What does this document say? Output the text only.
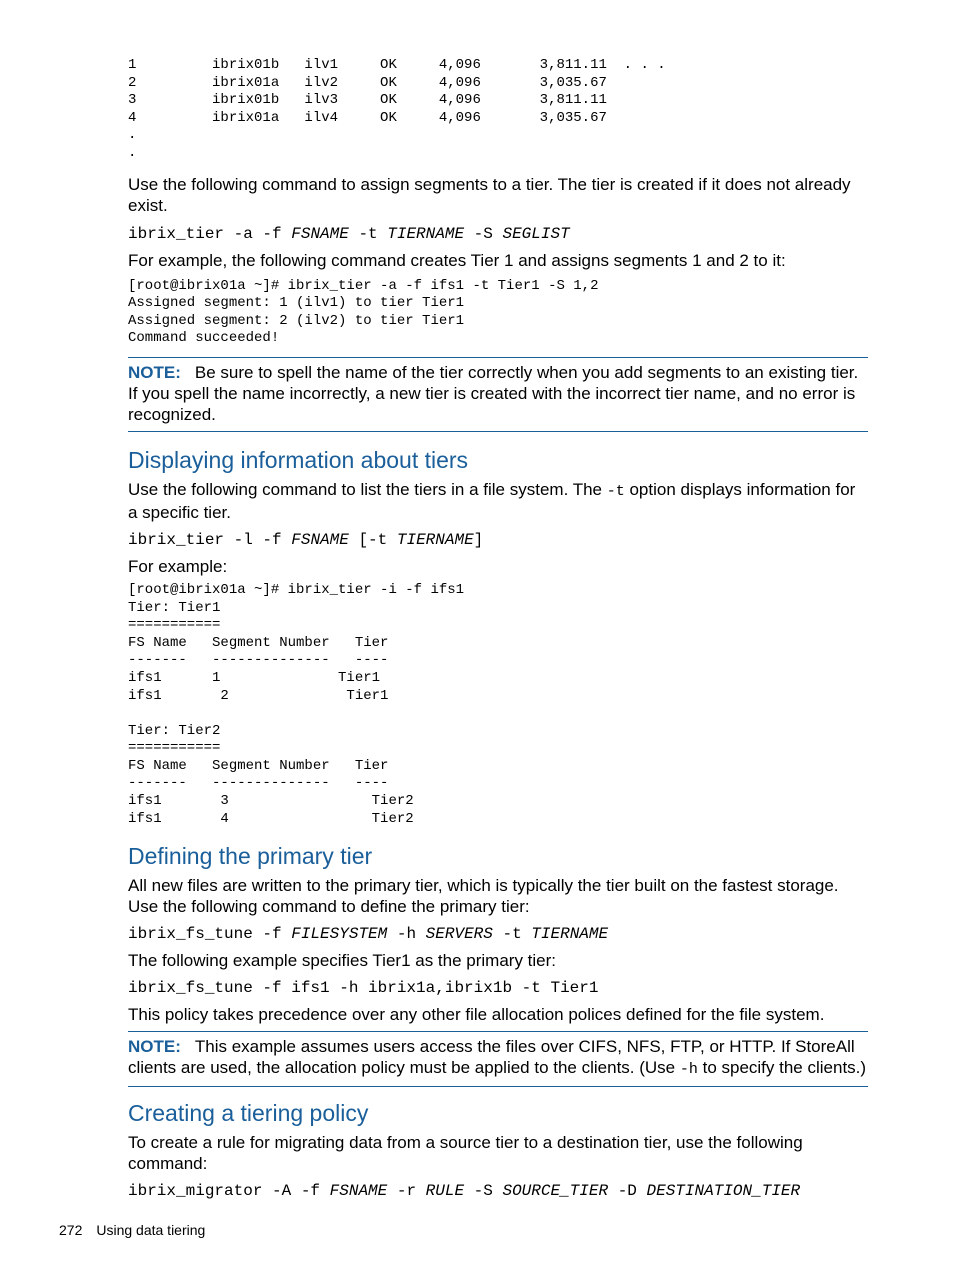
1         ibrix01b   ilv1     OK     4,096       3,811.11  . . .
2         ibrix01a   ilv2     OK     4,096       3,035.67
3         ibrix01b   ilv3     OK     4,096       3,811.11
4         ibrix01a   ilv4     OK     4,096       3,035.67
.
.

Use the following command to assign segments to a tier. The tier is created if it does not already exist.

ibrix_tier -a -f FSNAME -t TIERNAME -S SEGLIST

For example, the following command creates Tier 1 and assigns segments 1 and 2 to it:

[root@ibrix01a ~]# ibrix_tier -a -f ifs1 -t Tier1 -S 1,2
Assigned segment: 1 (ilv1) to tier Tier1
Assigned segment: 2 (ilv2) to tier Tier1
Command succeeded!

NOTE: Be sure to spell the name of the tier correctly when you add segments to an existing tier. If you spell the name incorrectly, a new tier is created with the incorrect tier name, and no error is recognized.

Displaying information about tiers

Use the following command to list the tiers in a file system. The -t option displays information for a specific tier.

ibrix_tier -l -f FSNAME [-t TIERNAME]

For example:

[root@ibrix01a ~]# ibrix_tier -i -f ifs1
Tier: Tier1
===========
FS Name   Segment Number   Tier
-------   --------------   ----
ifs1      1              Tier1
ifs1       2              Tier1

Tier: Tier2
===========
FS Name   Segment Number   Tier
-------   --------------   ----
ifs1       3                 Tier2
ifs1       4                 Tier2
Defining the primary tier

All new files are written to the primary tier, which is typically the tier built on the fastest storage. Use the following command to define the primary tier:

ibrix_fs_tune -f FILESYSTEM -h SERVERS -t TIERNAME

The following example specifies Tier1 as the primary tier:

ibrix_fs_tune -f ifs1 -h ibrix1a,ibrix1b -t Tier1

This policy takes precedence over any other file allocation polices defined for the file system.

NOTE: This example assumes users access the files over CIFS, NFS, FTP, or HTTP. If StoreAll clients are used, the allocation policy must be applied to the clients. (Use -h to specify the clients.)

Creating a tiering policy

To create a rule for migrating data from a source tier to a destination tier, use the following command:

ibrix_migrator -A -f FSNAME -r RULE -S SOURCE_TIER -D DESTINATION_TIER

272 Using data tiering
